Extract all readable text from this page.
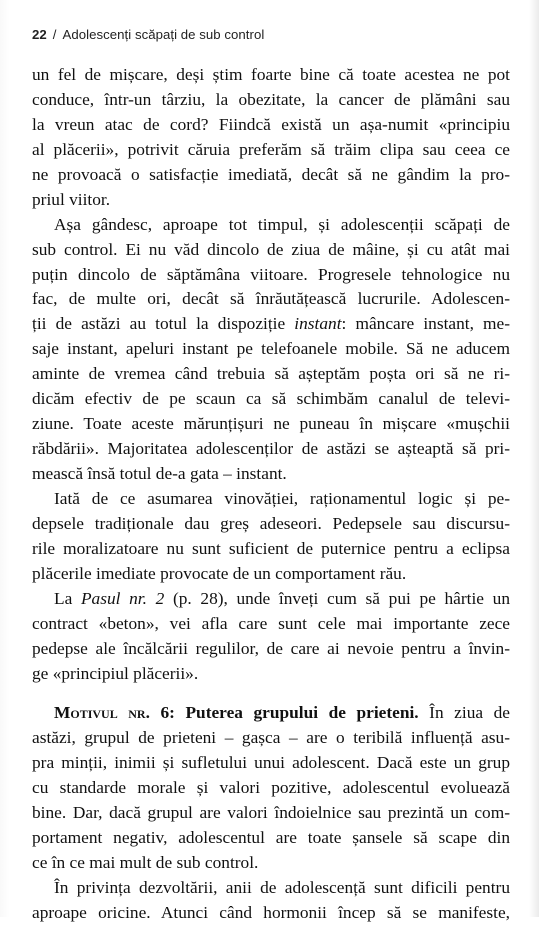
22 / Adolescenți scăpați de sub control
un fel de mișcare, deși știm foarte bine că toate acestea ne pot
conduce, într-un târziu, la obezitate, la cancer de plămâni sau
la vreun atac de cord? Fiindcă există un așa-numit «principiu
al plăcerii», potrivit căruia preferăm să trăim clipa sau ceea ce
ne provoacă o satisfacție imediată, decât să ne gândim la pro-
priul viitor.
Așa gândesc, aproape tot timpul, și adolescenții scăpați de
sub control. Ei nu văd dincolo de ziua de mâine, și cu atât mai
puțin dincolo de săptămâna viitoare. Progresele tehnologice nu
fac, de multe ori, decât să înrăutățească lucrurile. Adolescen-
ții de astăzi au totul la dispoziție instant: mâncare instant, me-
saje instant, apeluri instant pe telefoanele mobile. Să ne aducem
aminte de vremea când trebuia să așteptăm poșta ori să ne ri-
dicăm efectiv de pe scaun ca să schimbăm canalul de televi-
ziune. Toate aceste mărunțișuri ne puneau în mișcare «mușchii
răbdării». Majoritatea adolescenților de astăzi se așteaptă să pri-
mească însă totul de-a gata – instant.
Iată de ce asumarea vinovăției, raționamentul logic și pe-
depsele tradiționale dau greș adeseori. Pedepsele sau discursu-
rile moralizatoare nu sunt suficient de puternice pentru a eclipsa
plăcerile imediate provocate de un comportament rău.
La Pasul nr. 2 (p. 28), unde înveți cum să pui pe hârtie un
contract «beton», vei afla care sunt cele mai importante zece
pedepse ale încălcării regulilor, de care ai nevoie pentru a învin-
ge «principiul plăcerii».
Motivul nr. 6: Puterea grupului de prieteni. În ziua de
astăzi, grupul de prieteni – gașca – are o teribilă influență asu-
pra minții, inimii și sufletului unui adolescent. Dacă este un grup
cu standarde morale și valori pozitive, adolescentul evoluează
bine. Dar, dacă grupul are valori îndoielnice sau prezintă un com-
portament negativ, adolescentul are toate șansele să scape din
ce în ce mai mult de sub control.
În privința dezvoltării, anii de adolescență sunt dificili pentru
aproape oricine. Atunci când hormonii încep să se manifeste,
